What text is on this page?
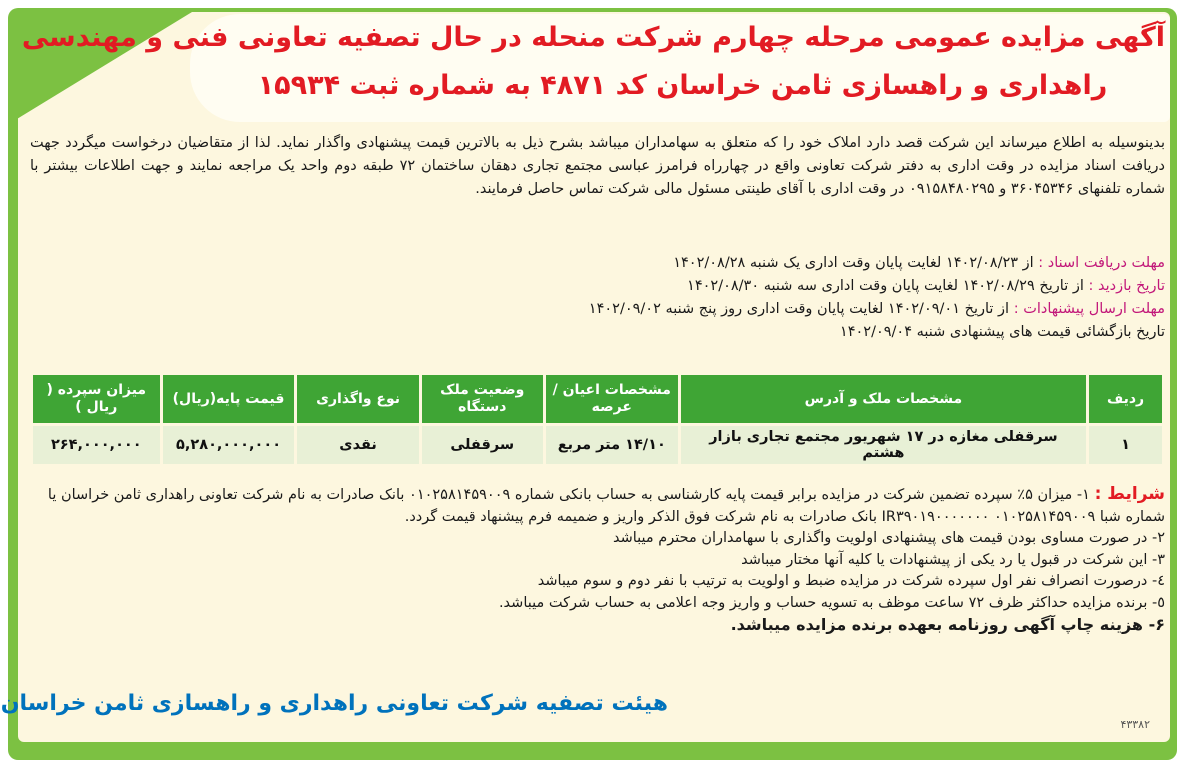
آگهی مزایده عمومی مرحله چهارم شرکت منحله در حال تصفیه تعاونی فنی و مهندسی
راهداری و راهسازی ثامن خراسان کد ۴۸۷۱ به شماره ثبت ۱۵۹۳۴
بدینوسیله به اطلاع میرساند این شرکت قصد دارد املاک خود را که متعلق به سهامداران میباشد بشرح ذیل به بالاترین قیمت پیشنهادی واگذار نماید. لذا از متقاضیان درخواست میگردد جهت دریافت اسناد مزایده در وقت اداری به دفتر شرکت تعاونی واقع در چهارراه فرامرز عباسی مجتمع تجاری دهقان ساختمان ۷۲ طبقه دوم واحد یک مراجعه نمایند و جهت اطلاعات بیشتر با شماره تلفنهای ۳۶۰۴۵۳۴۶ و ۰۹۱۵۸۴۸۰۲۹۵ در وقت اداری با آقای طینتی مسئول مالی شرکت تماس حاصل فرمایند.
مهلت دریافت اسناد : از ۱۴۰۲/۰۸/۲۳ لغایت پایان وقت اداری یک شنبه ۱۴۰۲/۰۸/۲۸
تاریخ بازدید : از تاریخ ۱۴۰۲/۰۸/۲۹ لغایت پایان وقت اداری سه شنبه ۱۴۰۲/۰۸/۳۰
مهلت ارسال پیشنهادات : از تاریخ ۱۴۰۲/۰۹/۰۱ لغایت پایان وقت اداری روز پنج شنبه ۱۴۰۲/۰۹/۰۲
تاریخ بازگشائی قیمت های پیشنهادی شنبه ۱۴۰۲/۰۹/۰۴
ردیف	مشخصات ملک و آدرس	مشخصات اعیان / عرصه	وضعیت ملک دستگاه	نوع واگذاری	قیمت پایه(ریال)	میزان سپرده ( ریال )
۱	سرقفلی مغازه در ۱۷ شهریور مجتمع تجاری بازار هشتم	۱۴/۱۰ متر مربع	سرقفلی	نقدی	۵,۲۸۰,۰۰۰,۰۰۰	۲۶۴,۰۰۰,۰۰۰
شرایط : ۱- میزان ۵٪ سپرده تضمین شرکت در مزایده برابر قیمت پایه کارشناسی به حساب بانکی شماره ۰۱۰۲۵۸۱۴۵۹۰۰۹ بانک صادرات به نام شرکت تعاونی راهداری ثامن خراسان یا شماره شبا ۰۱۰۲۵۸۱۴۵۹۰۰۹ IR۳۹۰۱۹۰۰۰۰۰۰۰ بانک صادرات به نام شرکت فوق الذکر واریز و ضمیمه فرم پیشنهاد قیمت گردد.
۲- در صورت مساوی بودن قیمت های پیشنهادی اولویت واگذاری با سهامداران محترم میباشد
۳- این شرکت در قبول یا رد یکی از پیشنهادات یا کلیه آنها مختار میباشد
٤- درصورت انصراف نفر اول سپرده شرکت در مزایده ضبط و اولویت به ترتیب با نفر دوم و سوم میباشد
٥- برنده مزایده حداکثر ظرف ۷۲ ساعت موظف به تسویه حساب و واریز وجه اعلامی به حساب شرکت میباشد.
۶- هزینه چاپ آگهی روزنامه بعهده برنده مزایده میباشد.
هیئت تصفیه شرکت تعاونی راهداری و راهسازی ثامن خراسان
۴۳۳۸۲
